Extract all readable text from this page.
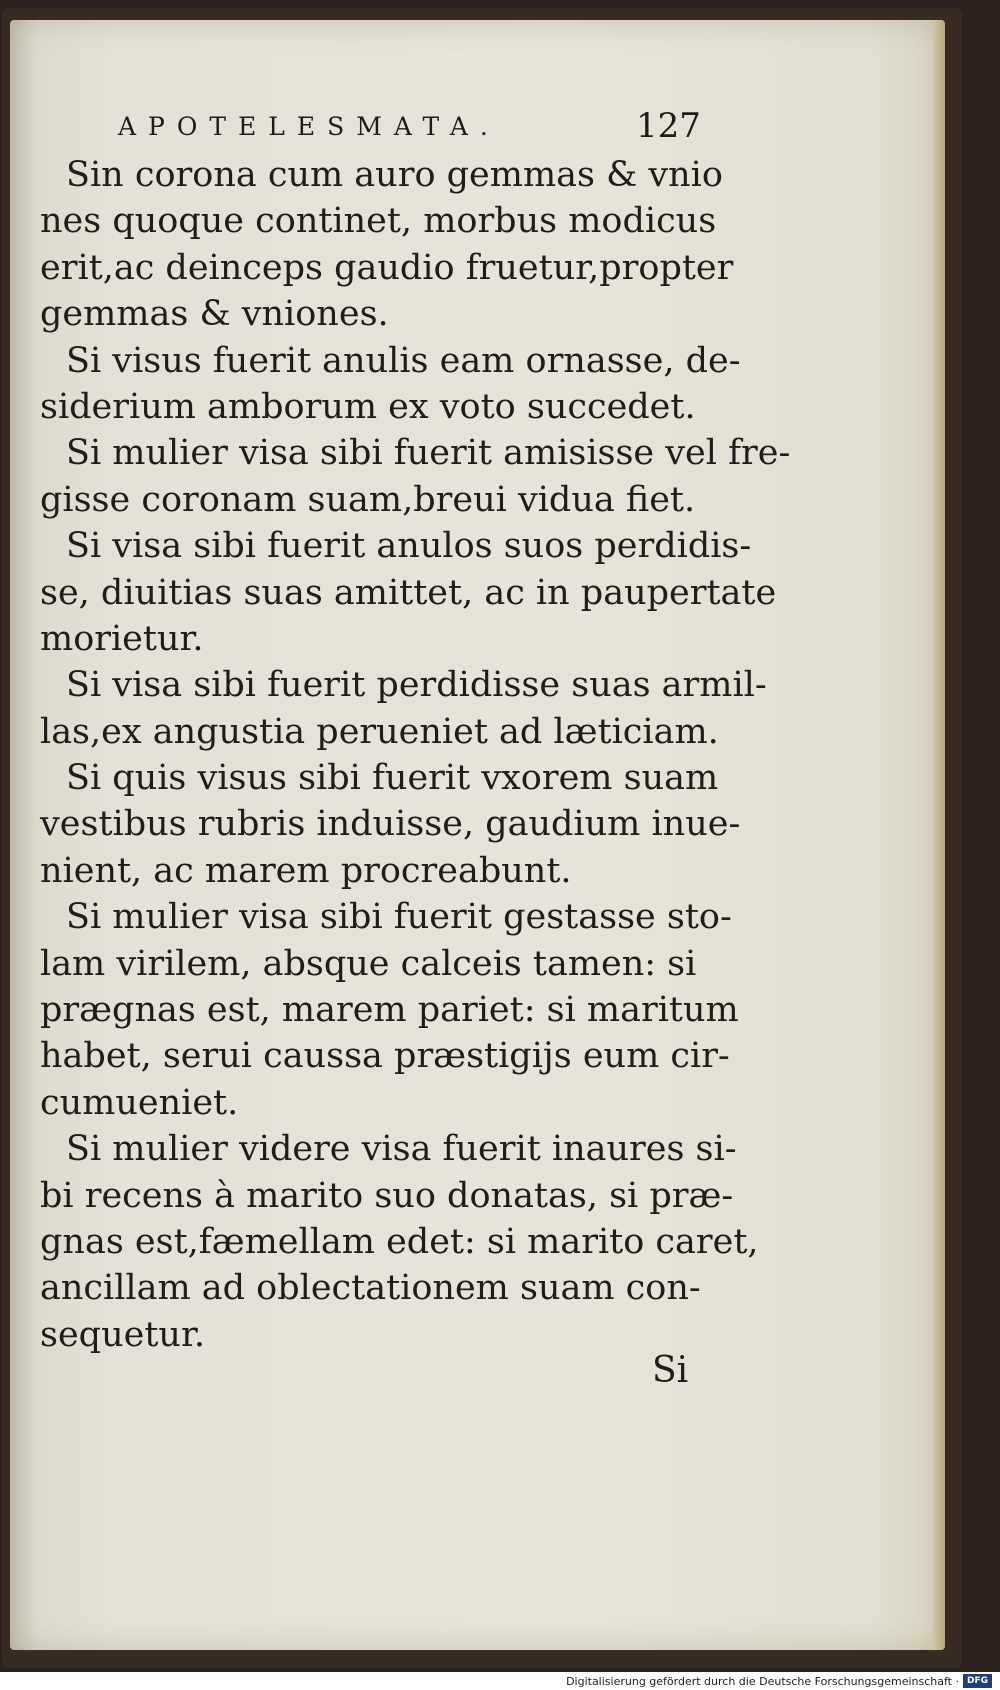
APOTELESMATA.	127
Sin corona cum auro gemmas & vnio
nes quoque continet, morbus modicus
erit,ac deinceps gaudio fruetur,propter
gemmas & vniones.
Si visus fuerit anulis eam ornasse, de-
siderium amborum ex voto succedet.
Si mulier visa sibi fuerit amisisse vel fre-
gisse coronam suam,breui vidua fiet.
Si visa sibi fuerit anulos suos perdidis-
se, diuitias suas amittet, ac in paupertate
morietur.
Si visa sibi fuerit perdidisse suas armil-
las,ex angustia perueniet ad læticiam.
Si quis visus sibi fuerit vxorem suam
vestibus rubris induisse, gaudium inue-
nient, ac marem procreabunt.
Si mulier visa sibi fuerit gestasse sto-
lam virilem, absque calceis tamen: si
prægnas est, marem pariet: si maritum
habet, serui caussa præstigijs eum cir-
cumueniet.
Si mulier videre visa fuerit inaures si-
bi recens à marito suo donatas, si præ-
gnas est,fæmellam edet: si marito caret,
ancillam ad oblectationem suam con-
sequetur.
Si
Digitalisierung gefördert durch die Deutsche Forschungsgemeinschaft · DFG
